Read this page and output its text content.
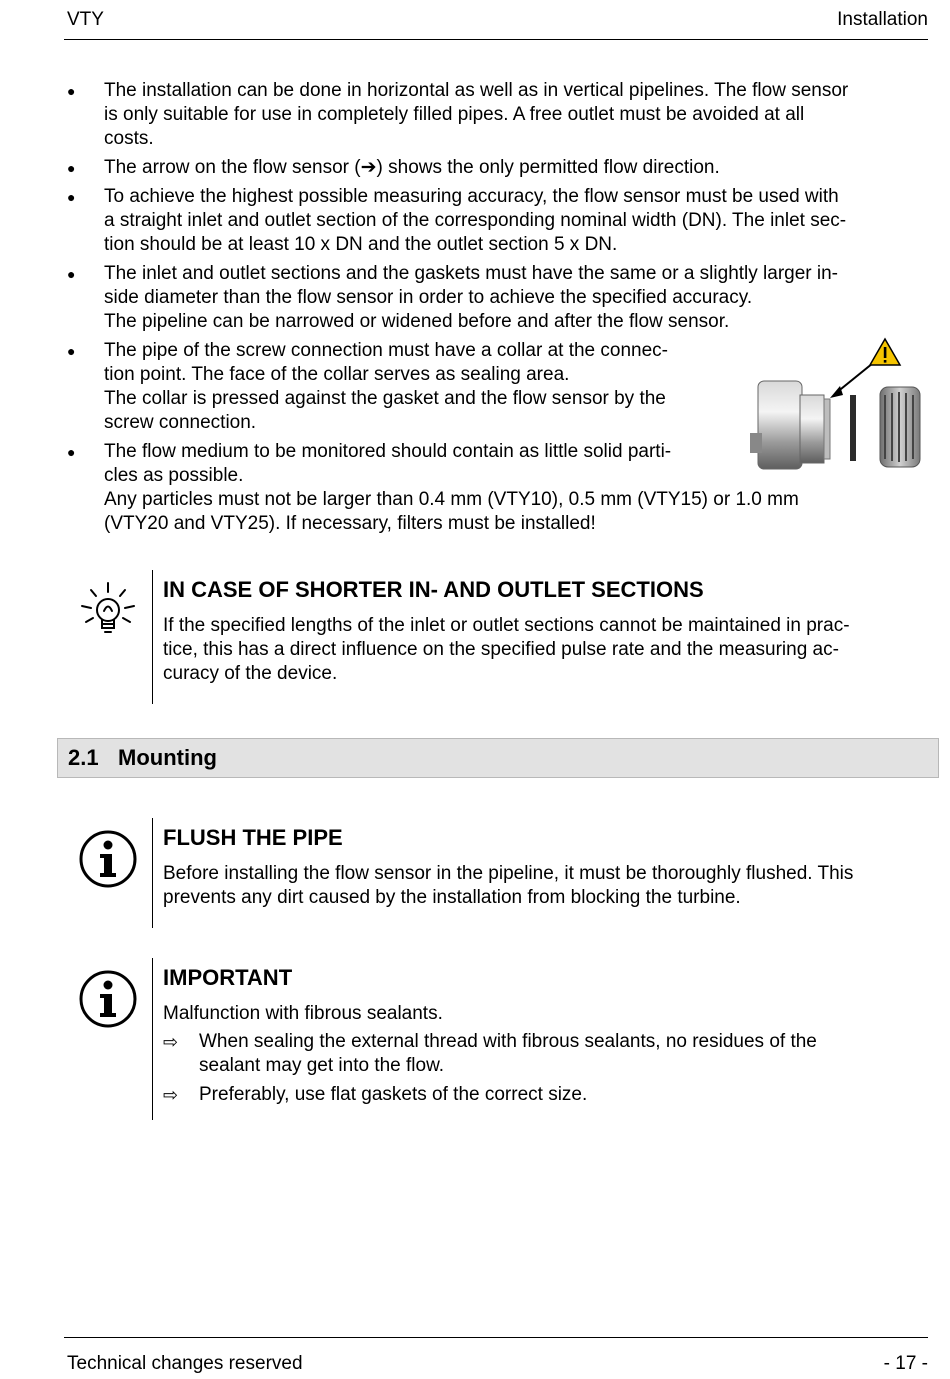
VTY	Installation
● The installation can be done in horizontal as well as in vertical pipelines. The flow sensor
is only suitable for use in completely filled pipes. A free outlet must be avoided at all
costs.
● The arrow on the flow sensor (➔) shows the only permitted flow direction.
● To achieve the highest possible measuring accuracy, the flow sensor must be used with
a straight inlet and outlet section of the corresponding nominal width (DN). The inlet sec-
tion should be at least 10 x DN and the outlet section 5 x DN.
● The inlet and outlet sections and the gaskets must have the same or a slightly larger in-
side diameter than the flow sensor in order to achieve the specified accuracy.
The pipeline can be narrowed or widened before and after the flow sensor.
● The pipe of the screw connection must have a collar at the connec-
tion point. The face of the collar serves as sealing area.
The collar is pressed against the gasket and the flow sensor by the
screw connection.
● The flow medium to be monitored should contain as little solid parti-
cles as possible.
Any particles must not be larger than 0.4 mm (VTY10), 0.5 mm (VTY15) or 1.0 mm
(VTY20 and VTY25). If necessary, filters must be installed!
IN CASE OF SHORTER IN- AND OUTLET SECTIONS
If the specified lengths of the inlet or outlet sections cannot be maintained in prac-
tice, this has a direct influence on the specified pulse rate and the measuring ac-
curacy of the device.
2.1 Mounting
FLUSH THE PIPE
Before installing the flow sensor in the pipeline, it must be thoroughly flushed. This
prevents any dirt caused by the installation from blocking the turbine.
IMPORTANT
Malfunction with fibrous sealants.
⇨ When sealing the external thread with fibrous sealants, no residues of the
sealant may get into the flow.
⇨ Preferably, use flat gaskets of the correct size.
Technical changes reserved	- 17 -
